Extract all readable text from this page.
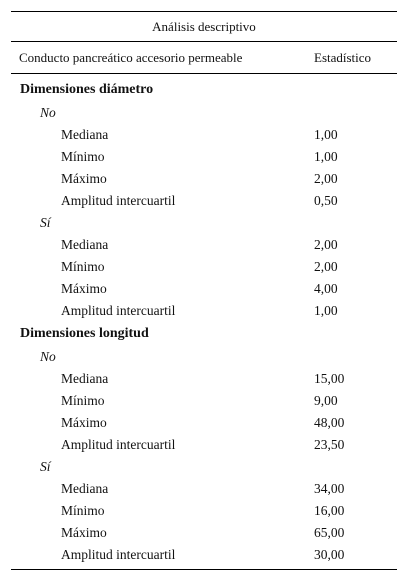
Análisis descriptivo
Conducto pancreático accesorio permeable	Estadístico
Dimensiones diámetro
No
Mediana	1,00
Mínimo	1,00
Máximo	2,00
Amplitud intercuartil	0,50
Sí
Mediana	2,00
Mínimo	2,00
Máximo	4,00
Amplitud intercuartil	1,00
Dimensiones longitud
No
Mediana	15,00
Mínimo	9,00
Máximo	48,00
Amplitud intercuartil	23,50
Sí
Mediana	34,00
Mínimo	16,00
Máximo	65,00
Amplitud intercuartil	30,00
